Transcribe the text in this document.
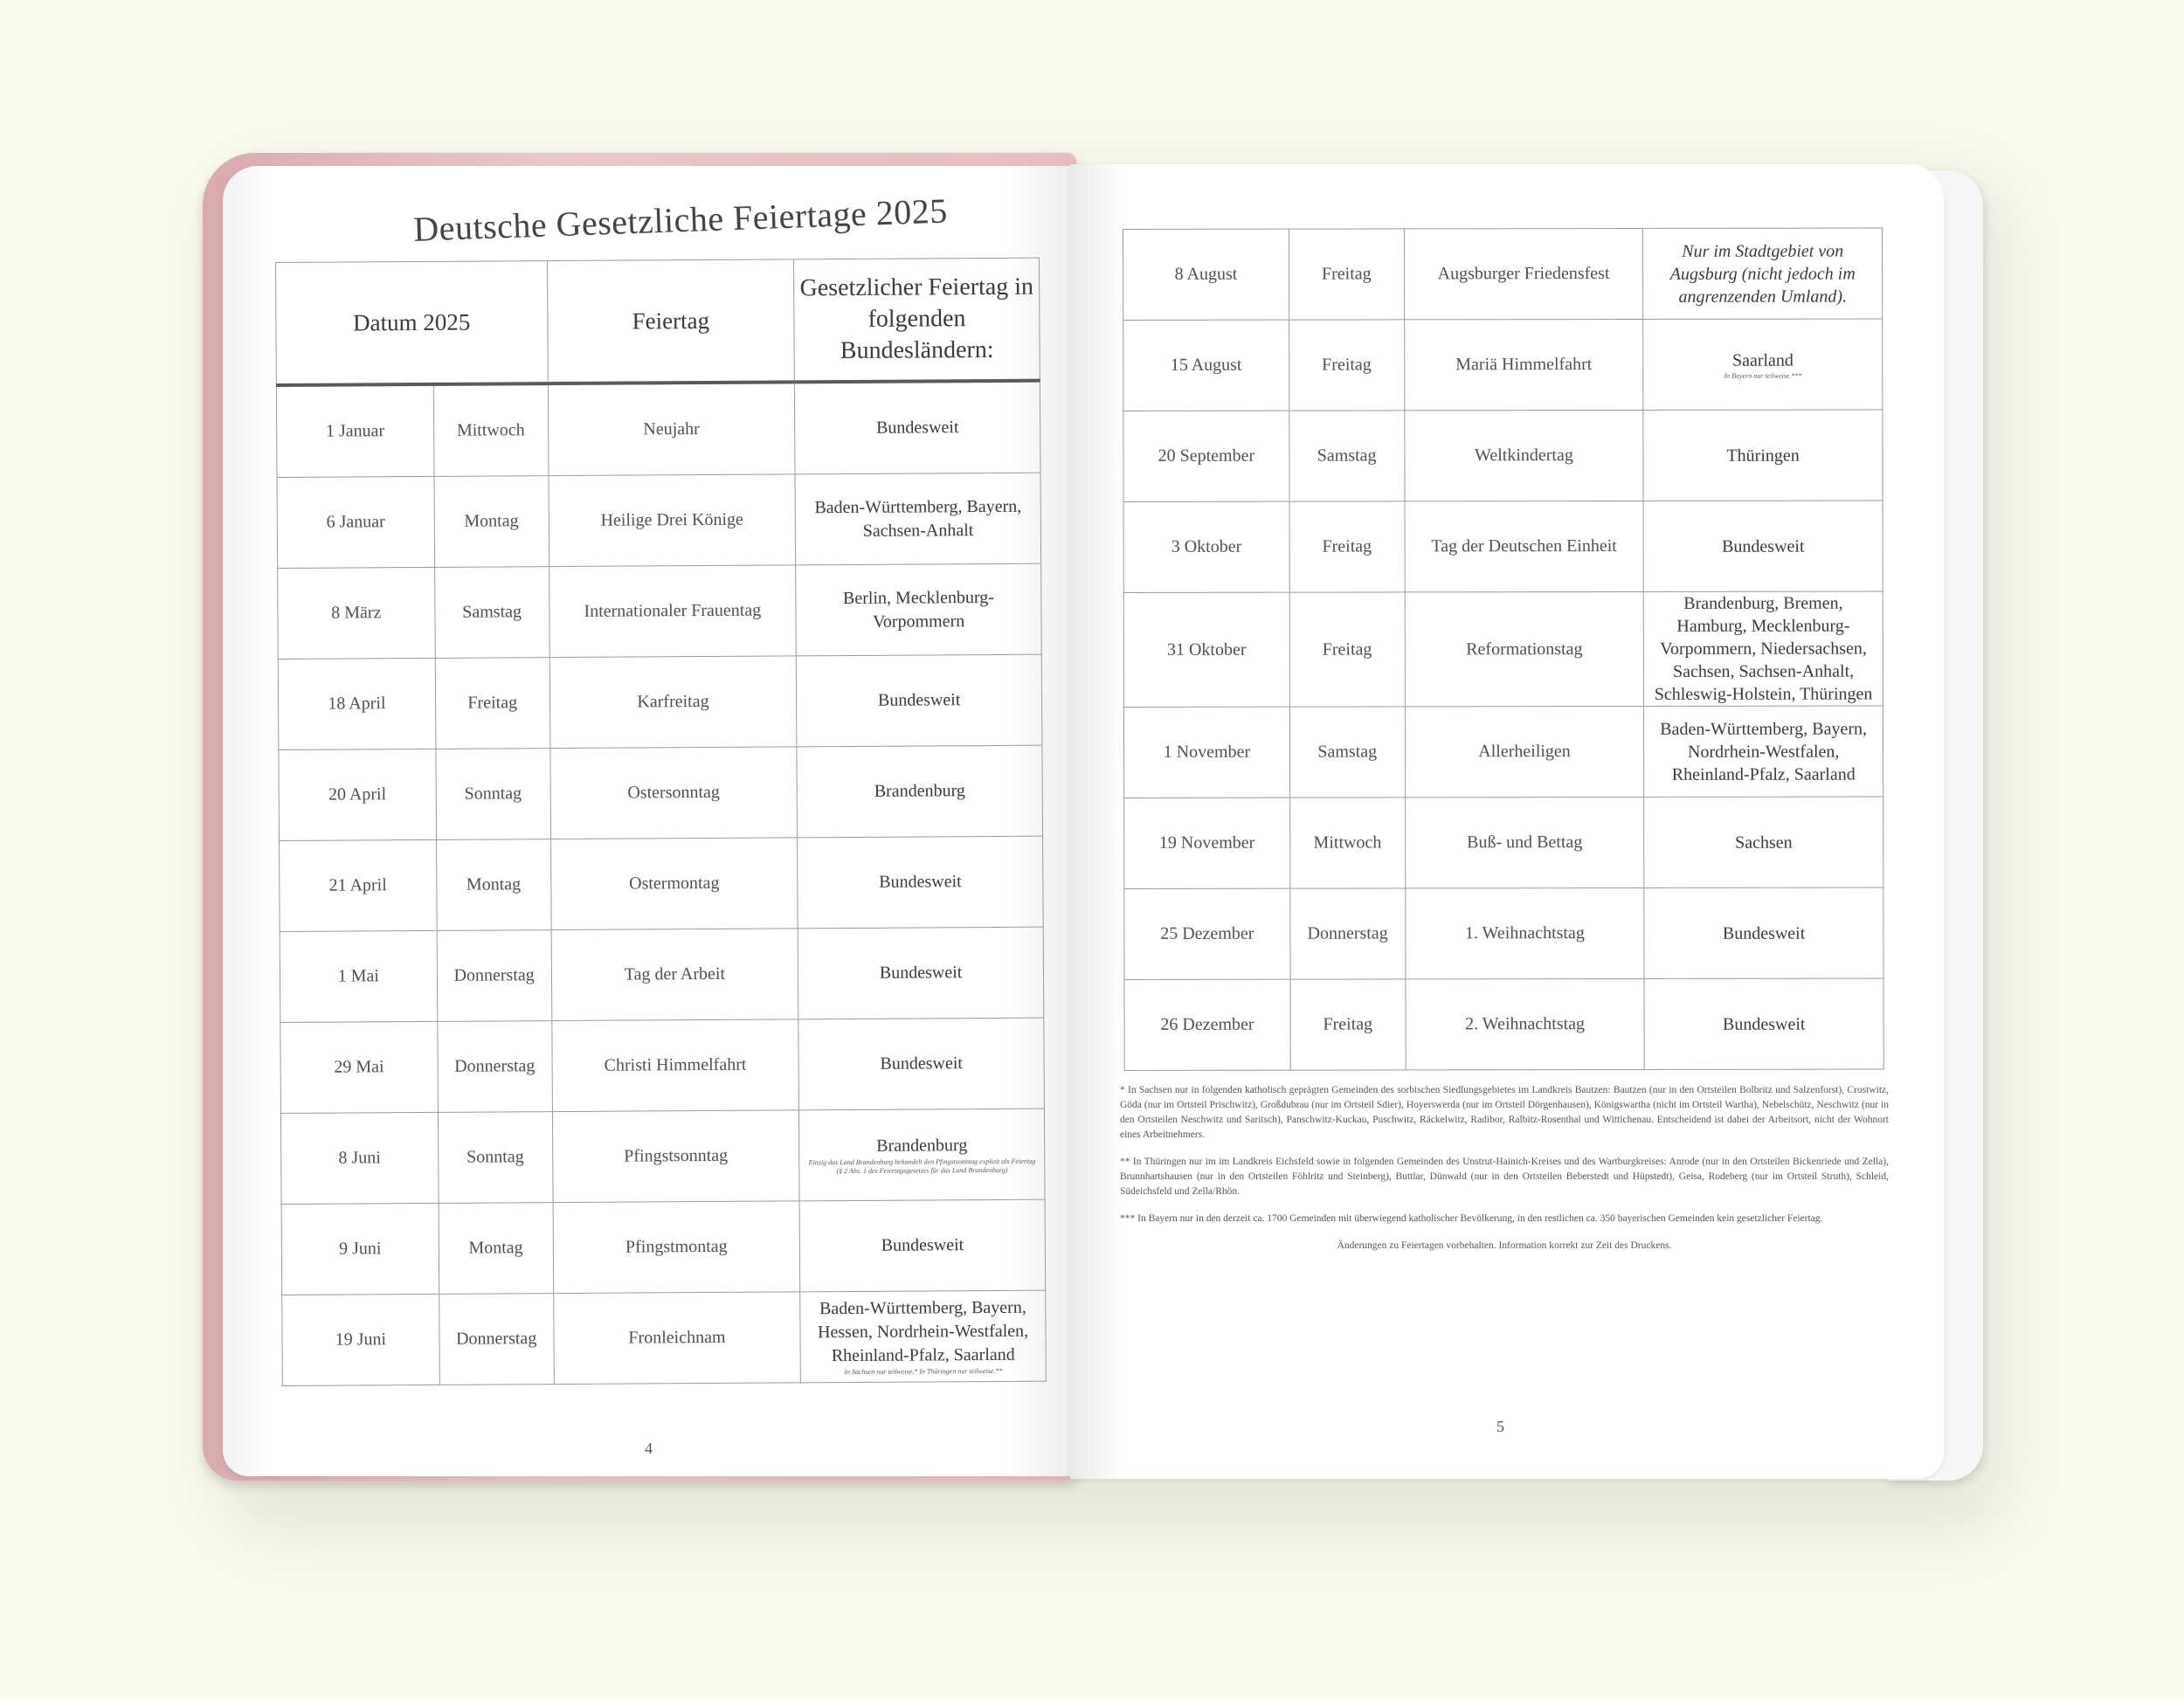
Deutsche Gesetzliche Feiertage 2025
Datum 2025		Feiertag	Gesetzlicher Feiertag in folgenden Bundesländern:
1 Januar	Mittwoch	Neujahr	Bundesweit
6 Januar	Montag	Heilige Drei Könige	Baden-Württemberg, Bayern, Sachsen-Anhalt
8 März	Samstag	Internationaler Frauentag	Berlin, Mecklenburg-Vorpommern
18 April	Freitag	Karfreitag	Bundesweit
20 April	Sonntag	Ostersonntag	Brandenburg
21 April	Montag	Ostermontag	Bundesweit
1 Mai	Donnerstag	Tag der Arbeit	Bundesweit
29 Mai	Donnerstag	Christi Himmelfahrt	Bundesweit
8 Juni	Sonntag	Pfingstsonntag	Brandenburg
Einzig das Land Brandenburg behandelt den Pfingstsonntag explizit als Feiertag (§ 2 Abs. 1 des Feiertagsgesetzes für das Land Brandenburg)

9 Juni	Montag	Pfingstmontag	Bundesweit
19 Juni	Donnerstag	Fronleichnam	Baden-Württemberg, Bayern, Hessen, Nordrhein-Westfalen, Rheinland-Pfalz, Saarland
In Sachsen nur teilweise.* In Thüringen nur teilweise.**
8 August	Freitag	Augsburger Friedensfest	Nur im Stadtgebiet von Augsburg (nicht jedoch im angrenzenden Umland).
15 August	Freitag	Mariä Himmelfahrt	Saarland
In Bayern nur teilweise.***

20 September	Samstag	Weltkindertag	Thüringen
3 Oktober	Freitag	Tag der Deutschen Einheit	Bundesweit
31 Oktober	Freitag	Reformationstag	Brandenburg, Bremen, Hamburg, Mecklenburg-Vorpommern, Niedersachsen, Sachsen, Sachsen-Anhalt, Schleswig-Holstein, Thüringen
1 November	Samstag	Allerheiligen	Baden-Württemberg, Bayern, Nordrhein-Westfalen, Rheinland-Pfalz, Saarland
19 November	Mittwoch	Buß- und Bettag	Sachsen
25 Dezember	Donnerstag	1. Weihnachtstag	Bundesweit
26 Dezember	Freitag	2. Weihnachtstag	Bundesweit

* In Sachsen nur in folgenden katholisch geprägten Gemeinden des sorbischen Siedlungsgebietes im Landkreis Bautzen: Bautzen (nur in den Ortsteilen Bolbritz und Salzenforst), Crostwitz, Göda (nur im Ortsteil Prischwitz), Großdubrau (nur im Ortsteil Sdier), Hoyerswerda (nur im Ortsteil Dörgenhausen), Königswartha (nicht im Ortsteil Wartha), Nebelschütz, Neschwitz (nur in den Ortsteilen Neschwitz und Saritsch), Panschwitz-Kuckau, Puschwitz, Räckelwitz, Radibor, Ralbitz-Rosenthal und Wittichenau. Entscheidend ist dabei der Arbeitsort, nicht der Wohnort eines Arbeitnehmers.

** In Thüringen nur im im Landkreis Eichsfeld sowie in folgenden Gemeinden des Unstrut-Hainich-Kreises und des Wartburgkreises: Anrode (nur in den Ortsteilen Bickenriede und Zella), Brunnhartshausen (nur in den Ortsteilen Föhlritz und Steinberg), Buttlar, Dünwald (nur in den Ortsteilen Beberstedt und Hüpstedt), Geisa, Rodeberg (nur im Ortsteil Struth), Schleid, Südeichsfeld und Zella/Rhön.

*** In Bayern nur in den derzeit ca. 1700 Gemeinden mit überwiegend katholischer Bevölkerung, in den restlichen ca. 350 bayerischen Gemeinden kein gesetzlicher Feiertag.

Änderungen zu Feiertagen vorbehalten. Information korrekt zur Zeit des Druckens.

4
5
